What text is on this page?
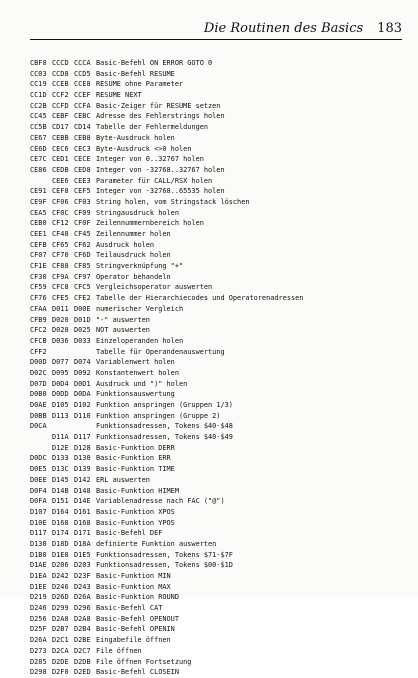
Die Routinen des Basics 183
CBF8 CCCD CCCA Basic-Befehl ON ERROR GOTO 0
CC03 CCD8 CCD5 Basic-Befehl RESUME
CC19 CCEB CCE8 RESUME ohne Parameter
CC1D CCF2 CCEF RESUME NEXT
CC2B CCFD CCFA Basic-Zeiger für RESUME setzen
CC45 CEBF CEBC Adresse des Fehlerstrings holen
CC5B CD17 CD14 Tabelle der Fehlermeldungen
CE67 CEBB CEB8 Byte-Ausdruck holen
CE6D CEC6 CEC3 Byte-Ausdruck <>0 holen
CE7C CED1 CECE Integer von 0..32767 holen
CE86 CEDB CED8 Integer von -32768..32767 holen
CEE6 CEE3 Parameter für CALL/RSX holen
CE91 CEF8 CEF5 Integer von -32768..65535 holen
CE9F CF06 CF03 String holen, vom Stringstack löschen
CEA5 CF0C CF09 Stringausdruck holen
CEB0 CF12 CF0F Zeilennummernbereich holen
CEE1 CF48 CF45 Zeilennummer holen
CEFB CF65 CF62 Ausdruck holen
CF07 CF70 CF6D Teilausdruck holen
CF1E CF88 CF85 Stringverknüpfung "+"
CF30 CF9A CF97 Operator behandeln
CF59 CFC8 CFC5 Vergleichsoperator auswerten
CF76 CFE5 CFE2 Tabelle der Hierarchiecodes und Operatorenadressen
CFAA D011 D00E numerischer Vergleich
CFB9 D020 D01D "-" auswerten
CFC2 D028 D025 NOT auswerten
CFCB D036 D033 Einzeloperanden holen
CFF2	Tabelle für Operandenauswertung
D00D D077 D074 Variablenwert holen
D02C D095 D092 Konstantenwert holen
D07D D0D4 D0D1 Ausdruck und ")" holen
D0B0 D0DD D0DA Funktionsauswertung
D0AE D105 D102 Funktion anspringen (Gruppen 1/3)
D0BB D113 D110 Funktion anspringen (Gruppe 2)
D0CA	Funktionsadressen, Tokens $40-$48
D11A D117 Funktionsadressen, Tokens $40-$49
D12E D128 Basic-Funktion DERR
D0DC D133 D130 Basic-Funktion ERR
D0E5 D13C D139 Basic-Funktion TIME
D0EE D145 D142 ERL auswerten
D0F4 D14B D148 Basic-Funktion HIMEM
D0FA D151 D14E Variablenadresse nach FAC ("@")
D107 D164 D161 Basic-Funktion XPOS
D10E D168 D168 Basic-Funktion YPOS
D117 D174 D171 Basic-Befehl DEF
D130 D18D D18A definierte Funktion auswerten
D1B0 D1E8 D1E5 Funktionsadressen, Tokens $71-$7F
D1AE D206 D203 Funktionsadressen, Tokens $00-$1D
D1EA D242 D23F Basic-Funktion MIN
D1EE D246 D243 Basic-Funktion MAX
D219 D26D D26A Basic-Funktion ROUND
D246 D299 D296 Basic-Befehl CAT
D256 D2A8 D2A8 Basic-Befehl OPENOUT
D25F D2B7 D2B4 Basic-Befehl OPENIN
D26A D2C1 D2BE Eingabefile öffnen
D273 D2CA D2C7 File öffnen
D285 D2DE D2DB File öffnen Fortsetzung
D298 D2F0 D2ED Basic-Befehl CLOSEIN
